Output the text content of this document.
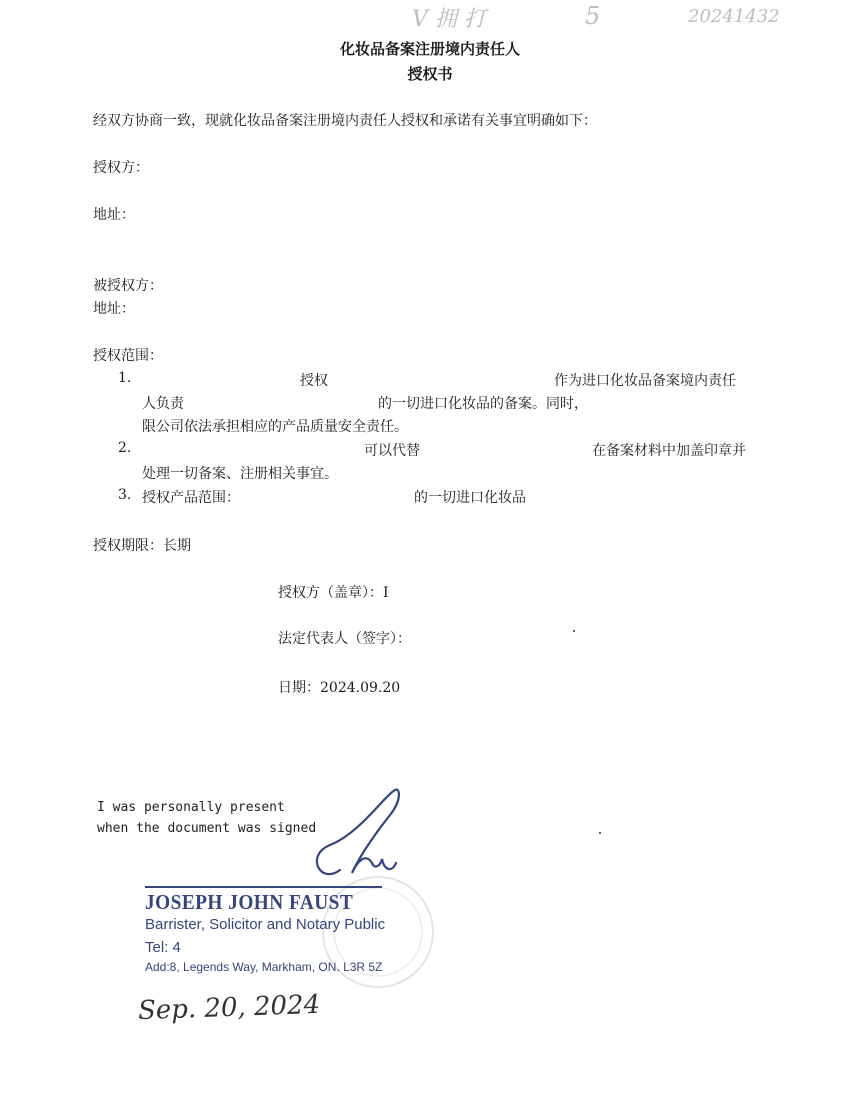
V 拥 打	5	20241432
化妆品备案注册境内责任人
授权书
经双方协商一致，现就化妆品备案注册境内责任人授权和承诺有关事宜明确如下：
授权方：
地址：
被授权方：
地址：
授权范围：
1.	授权	作为进口化妆品备案境内责任
人负责	的一切进口化妆品的备案。同时，
限公司依法承担相应的产品质量安全责任。
2.	可以代替	在备案材料中加盖印章并
处理一切备案、注册相关事宜。
3. 授权产品范围：	的一切进口化妆品
授权期限：长期
授权方（盖章）：I
法定代表人（签字）：
日期：2024.09.20
I was personally present
when the document was signed
JOSEPH JOHN FAUST
Barrister, Solicitor and Notary Public
Tel: 4
Add:8, Legends Way, Markham, ON. L3R 5Z
Sep. 20, 2024
